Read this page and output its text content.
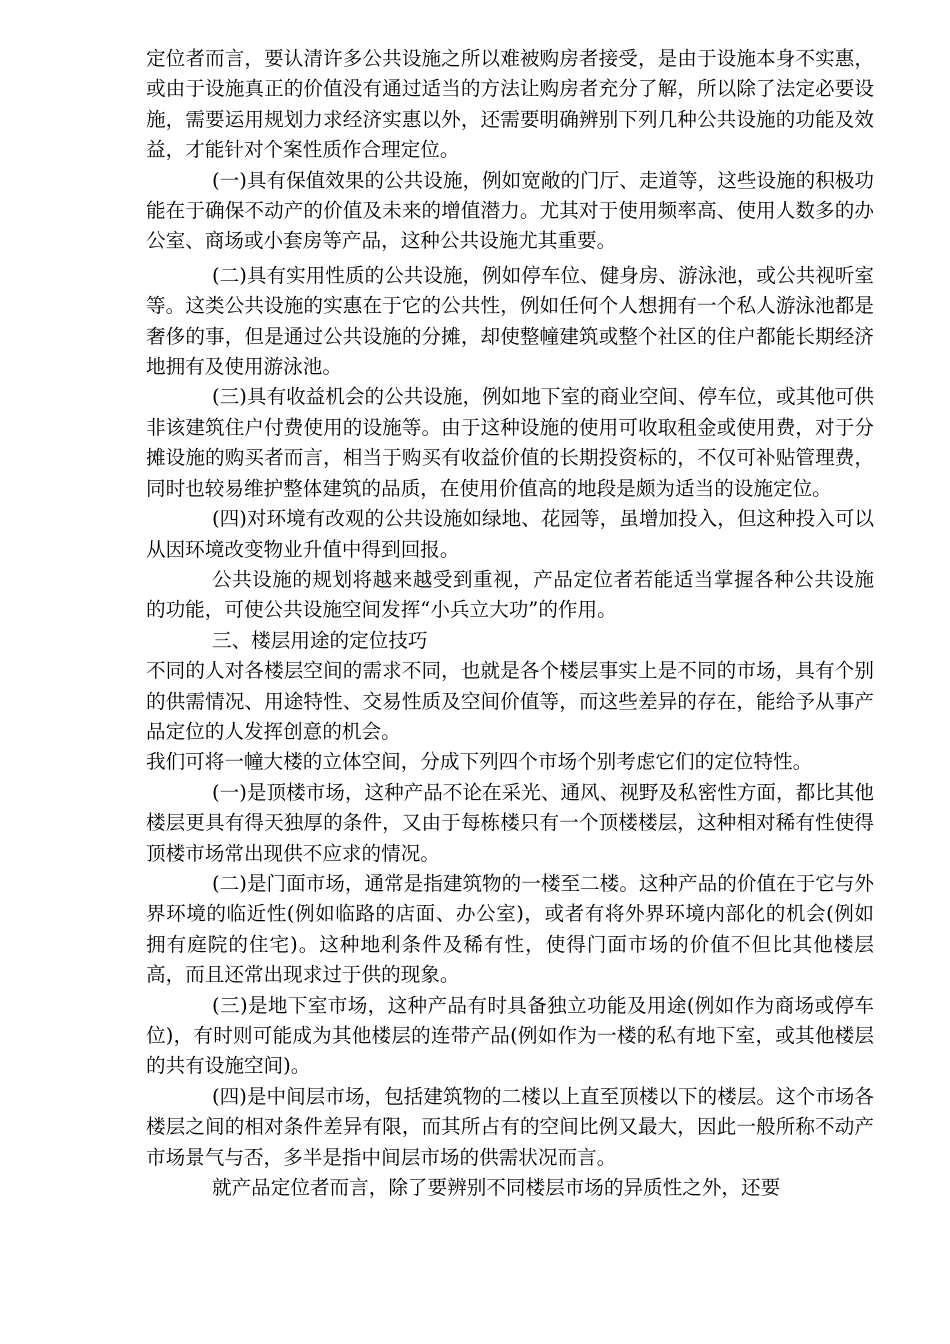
定位者而言，要认清许多公共设施之所以难被购房者接受，是由于设施本身不实惠，或由于设施真正的价值没有通过适当的方法让购房者充分了解，所以除了法定必要设施，需要运用规划力求经济实惠以外，还需要明确辨别下列几种公共设施的功能及效益，才能针对个案性质作合理定位。

(一)具有保值效果的公共设施，例如宽敞的门厅、走道等，这些设施的积极功能在于确保不动产的价值及未来的增值潜力。尤其对于使用频率高、使用人数多的办公室、商场或小套房等产品，这种公共设施尤其重要。

(二)具有实用性质的公共设施，例如停车位、健身房、游泳池，或公共视听室等。这类公共设施的实惠在于它的公共性，例如任何个人想拥有一个私人游泳池都是奢侈的事，但是通过公共设施的分摊，却使整幢建筑或整个社区的住户都能长期经济地拥有及使用游泳池。

(三)具有收益机会的公共设施，例如地下室的商业空间、停车位，或其他可供非该建筑住户付费使用的设施等。由于这种设施的使用可收取租金或使用费，对于分摊设施的购买者而言，相当于购买有收益价值的长期投资标的，不仅可补贴管理费，同时也较易维护整体建筑的品质，在使用价值高的地段是颇为适当的设施定位。

(四)对环境有改观的公共设施如绿地、花园等，虽增加投入，但这种投入可以从因环境改变物业升值中得到回报。

公共设施的规划将越来越受到重视，产品定位者若能适当掌握各种公共设施的功能，可使公共设施空间发挥“小兵立大功”的作用。

三、楼层用途的定位技巧

不同的人对各楼层空间的需求不同，也就是各个楼层事实上是不同的市场，具有个别的供需情况、用途特性、交易性质及空间价值等，而这些差异的存在，能给予从事产品定位的人发挥创意的机会。

我们可将一幢大楼的立体空间，分成下列四个市场个别考虑它们的定位特性。

(一)是顶楼市场，这种产品不论在采光、通风、视野及私密性方面，都比其他楼层更具有得天独厚的条件，又由于每栋楼只有一个顶楼楼层，这种相对稀有性使得顶楼市场常出现供不应求的情况。

(二)是门面市场，通常是指建筑物的一楼至二楼。这种产品的价值在于它与外界环境的临近性(例如临路的店面、办公室)，或者有将外界环境内部化的机会(例如拥有庭院的住宅)。这种地利条件及稀有性，使得门面市场的价值不但比其他楼层高，而且还常出现求过于供的现象。

(三)是地下室市场，这种产品有时具备独立功能及用途(例如作为商场或停车位)，有时则可能成为其他楼层的连带产品(例如作为一楼的私有地下室，或其他楼层的共有设施空间)。

(四)是中间层市场，包括建筑物的二楼以上直至顶楼以下的楼层。这个市场各楼层之间的相对条件差异有限，而其所占有的空间比例又最大，因此一般所称不动产市场景气与否，多半是指中间层市场的供需状况而言。

就产品定位者而言，除了要辨别不同楼层市场的异质性之外，还要
